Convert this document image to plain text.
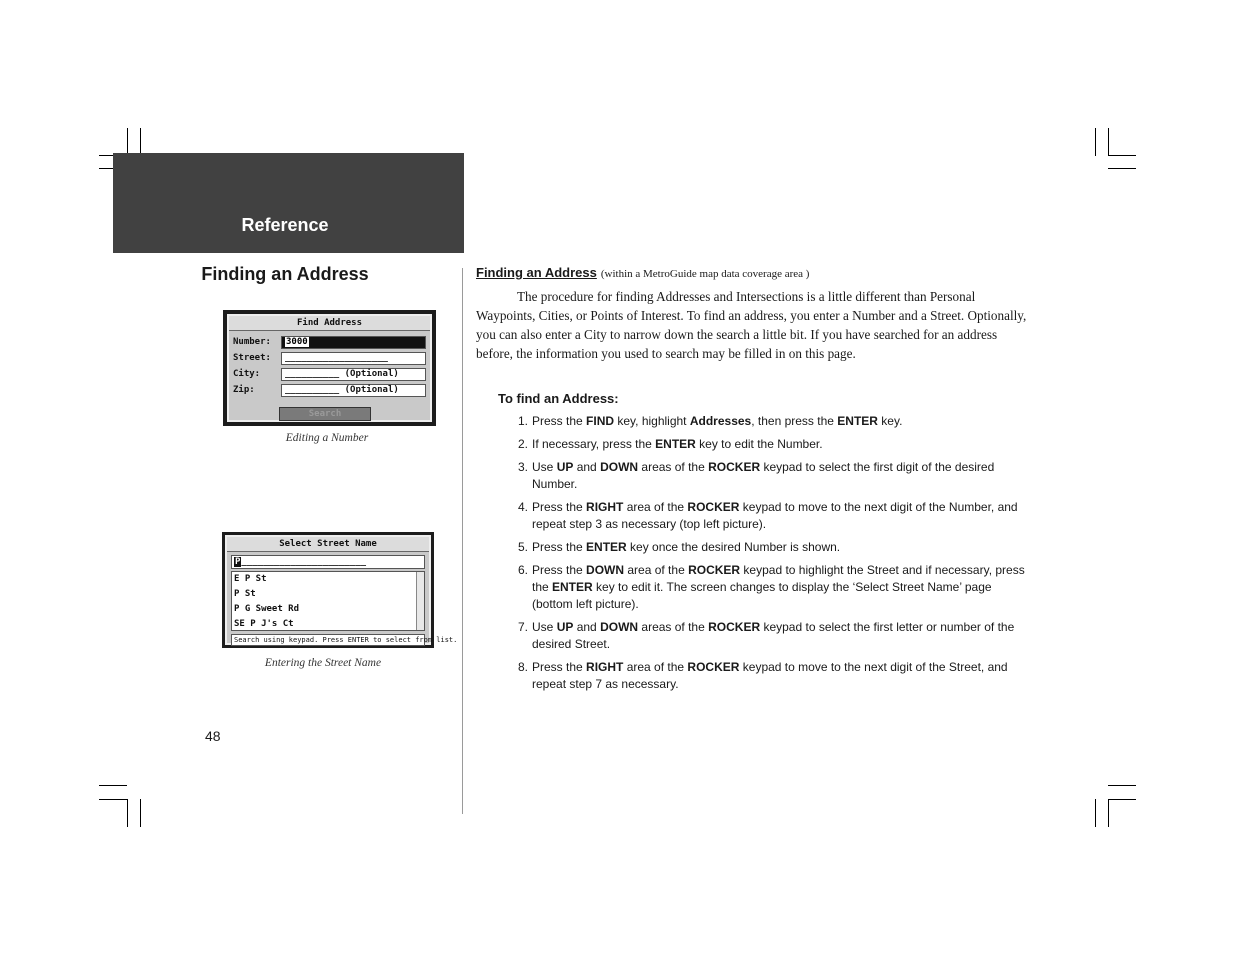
Reference
Finding an Address
Find Address
Number:	3000
Street:	___________________
City:	__________ (Optional)
Zip:	__________ (Optional)
Search
Editing a Number
Select Street Name
P_______________________
E P St
P St
P G Sweet Rd
SE P J's Ct
Search using keypad. Press ENTER to select from list.
Entering the Street Name
48
Finding an Address (within a MetroGuide map data coverage area )

The procedure for finding Addresses and Intersections is a little different than Personal Waypoints, Cities, or Points of Interest. To find an address, you enter a Number and a Street. Optionally, you can also enter a City to narrow down the search a little bit. If you have searched for an address before, the information you used to search may be filled in on this page.

To find an Address:
1. Press the FIND key, highlight Addresses, then press the ENTER key.
2. If necessary, press the ENTER key to edit the Number.
3. Use UP and DOWN areas of the ROCKER keypad to select the first digit of the desired Number.
4. Press the RIGHT area of the ROCKER keypad to move to the next digit of the Number, and repeat step 3 as necessary (top left picture).
5. Press the ENTER key once the desired Number is shown.
6. Press the DOWN area of the ROCKER keypad to highlight the Street and if necessary, press the ENTER key to edit it. The screen changes to display the ‘Select Street Name’ page (bottom left picture).
7. Use UP and DOWN areas of the ROCKER keypad to select the first letter or number of the desired Street.
8. Press the RIGHT area of the ROCKER keypad to move to the next digit of the Street, and repeat step 7 as necessary.
